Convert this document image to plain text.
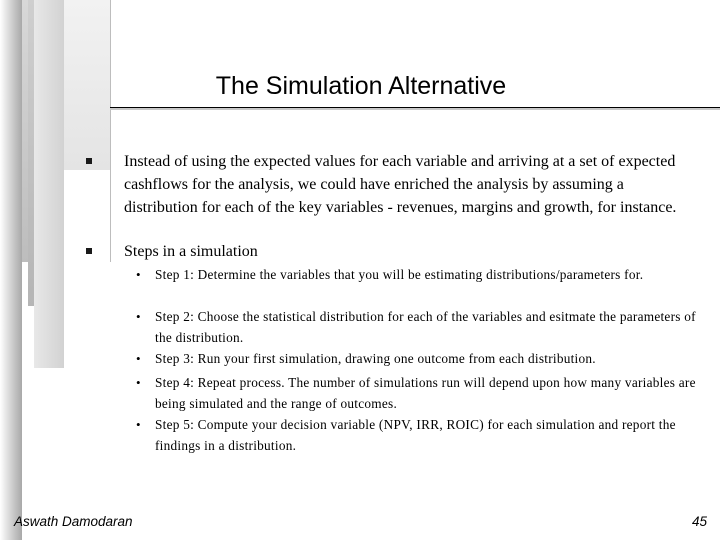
The Simulation Alternative
Instead of using the expected values for each variable and arriving at a set of expected cashflows for the analysis, we could have enriched the analysis by assuming a distribution for each of the key variables - revenues, margins and growth, for instance.
Steps in a simulation
• Step 1: Determine the variables that you will be estimating distributions/parameters for.
• Step 2: Choose the statistical distribution for each of the variables and esitmate the parameters of the distribution.
• Step 3: Run your first simulation, drawing one outcome from each distribution.
• Step 4: Repeat process. The number of simulations run will depend upon how many variables are being simulated and the range of outcomes.
• Step 5: Compute your decision variable (NPV, IRR, ROIC) for each simulation and report the findings in a distribution.
Aswath Damodaran	45
